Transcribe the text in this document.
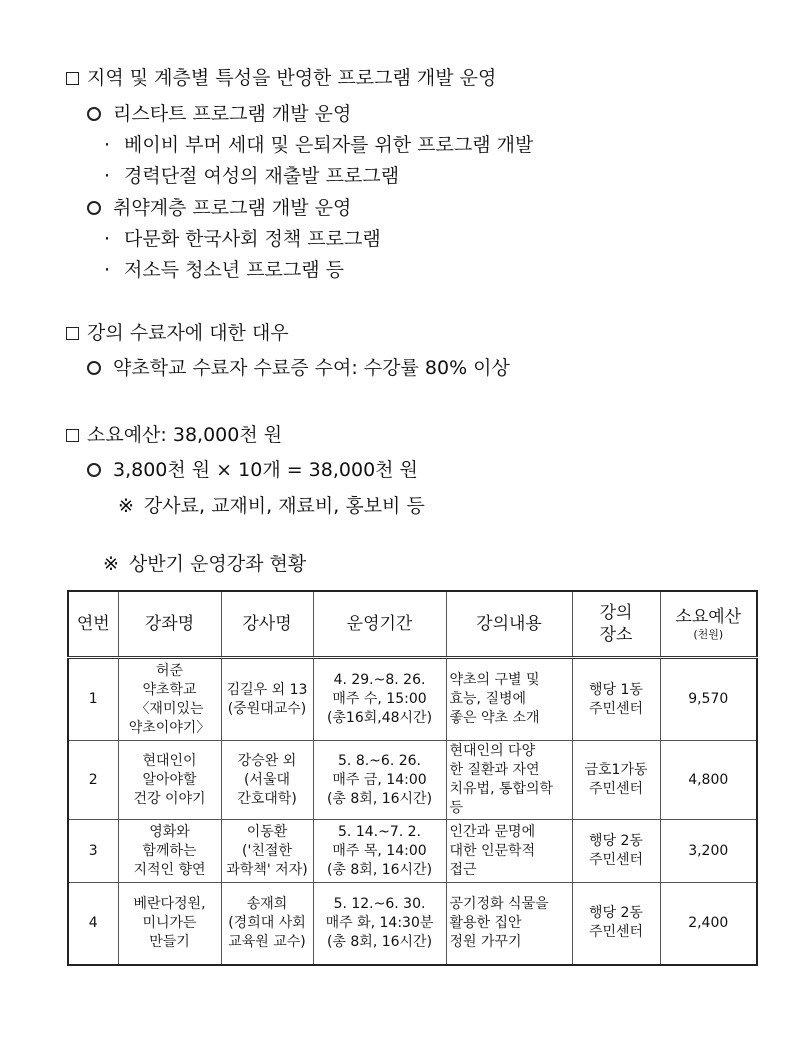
지역 및 계층별 특성을 반영한 프로그램 개발 운영
리스타트 프로그램 개발 운영
· 베이비 부머 세대 및 은퇴자를 위한 프로그램 개발
· 경력단절 여성의 재출발 프로그램
취약계층 프로그램 개발 운영
· 다문화 한국사회 정책 프로그램
· 저소득 청소년 프로그램 등
강의 수료자에 대한 대우
약초학교 수료자 수료증 수여: 수강률 80% 이상
소요예산: 38,000천 원
3,800천 원 × 10개 = 38,000천 원
※ 강사료, 교재비, 재료비, 홍보비 등
※ 상반기 운영강좌 현황
연번	강좌명	강사명	운영기간	강의내용	강의
장소	소요예산
(천원)

1	허준
약초학교
〈재미있는
약초이야기〉	김길우 외 13
(중원대교수)	4. 29.~8. 26.
매주 수, 15:00
(총16회,48시간)	약초의 구별 및
효능, 질병에
좋은 약초 소개	행당 1동
주민센터	9,570
2	현대인이
알아야할
건강 이야기	강승완 외
(서울대
간호대학)	5. 8.~6. 26.
매주 금, 14:00
(총 8회, 16시간)	현대인의 다양
한 질환과 자연
치유법, 통합의학 등	금호1가동
주민센터	4,800
3	영화와
함께하는
지적인 향연	이동환
('친절한
과학책' 저자)	5. 14.~7. 2.
매주 목, 14:00
(총 8회, 16시간)	인간과 문명에
대한 인문학적
접근	행당 2동
주민센터	3,200
4	베란다정원,
미니가든
만들기	송재희
(경희대 사회
교육원 교수)	5. 12.~6. 30.
매주 화, 14:30분
(총 8회, 16시간)	공기정화 식물을
활용한 집안
정원 가꾸기	행당 2동
주민센터	2,400
